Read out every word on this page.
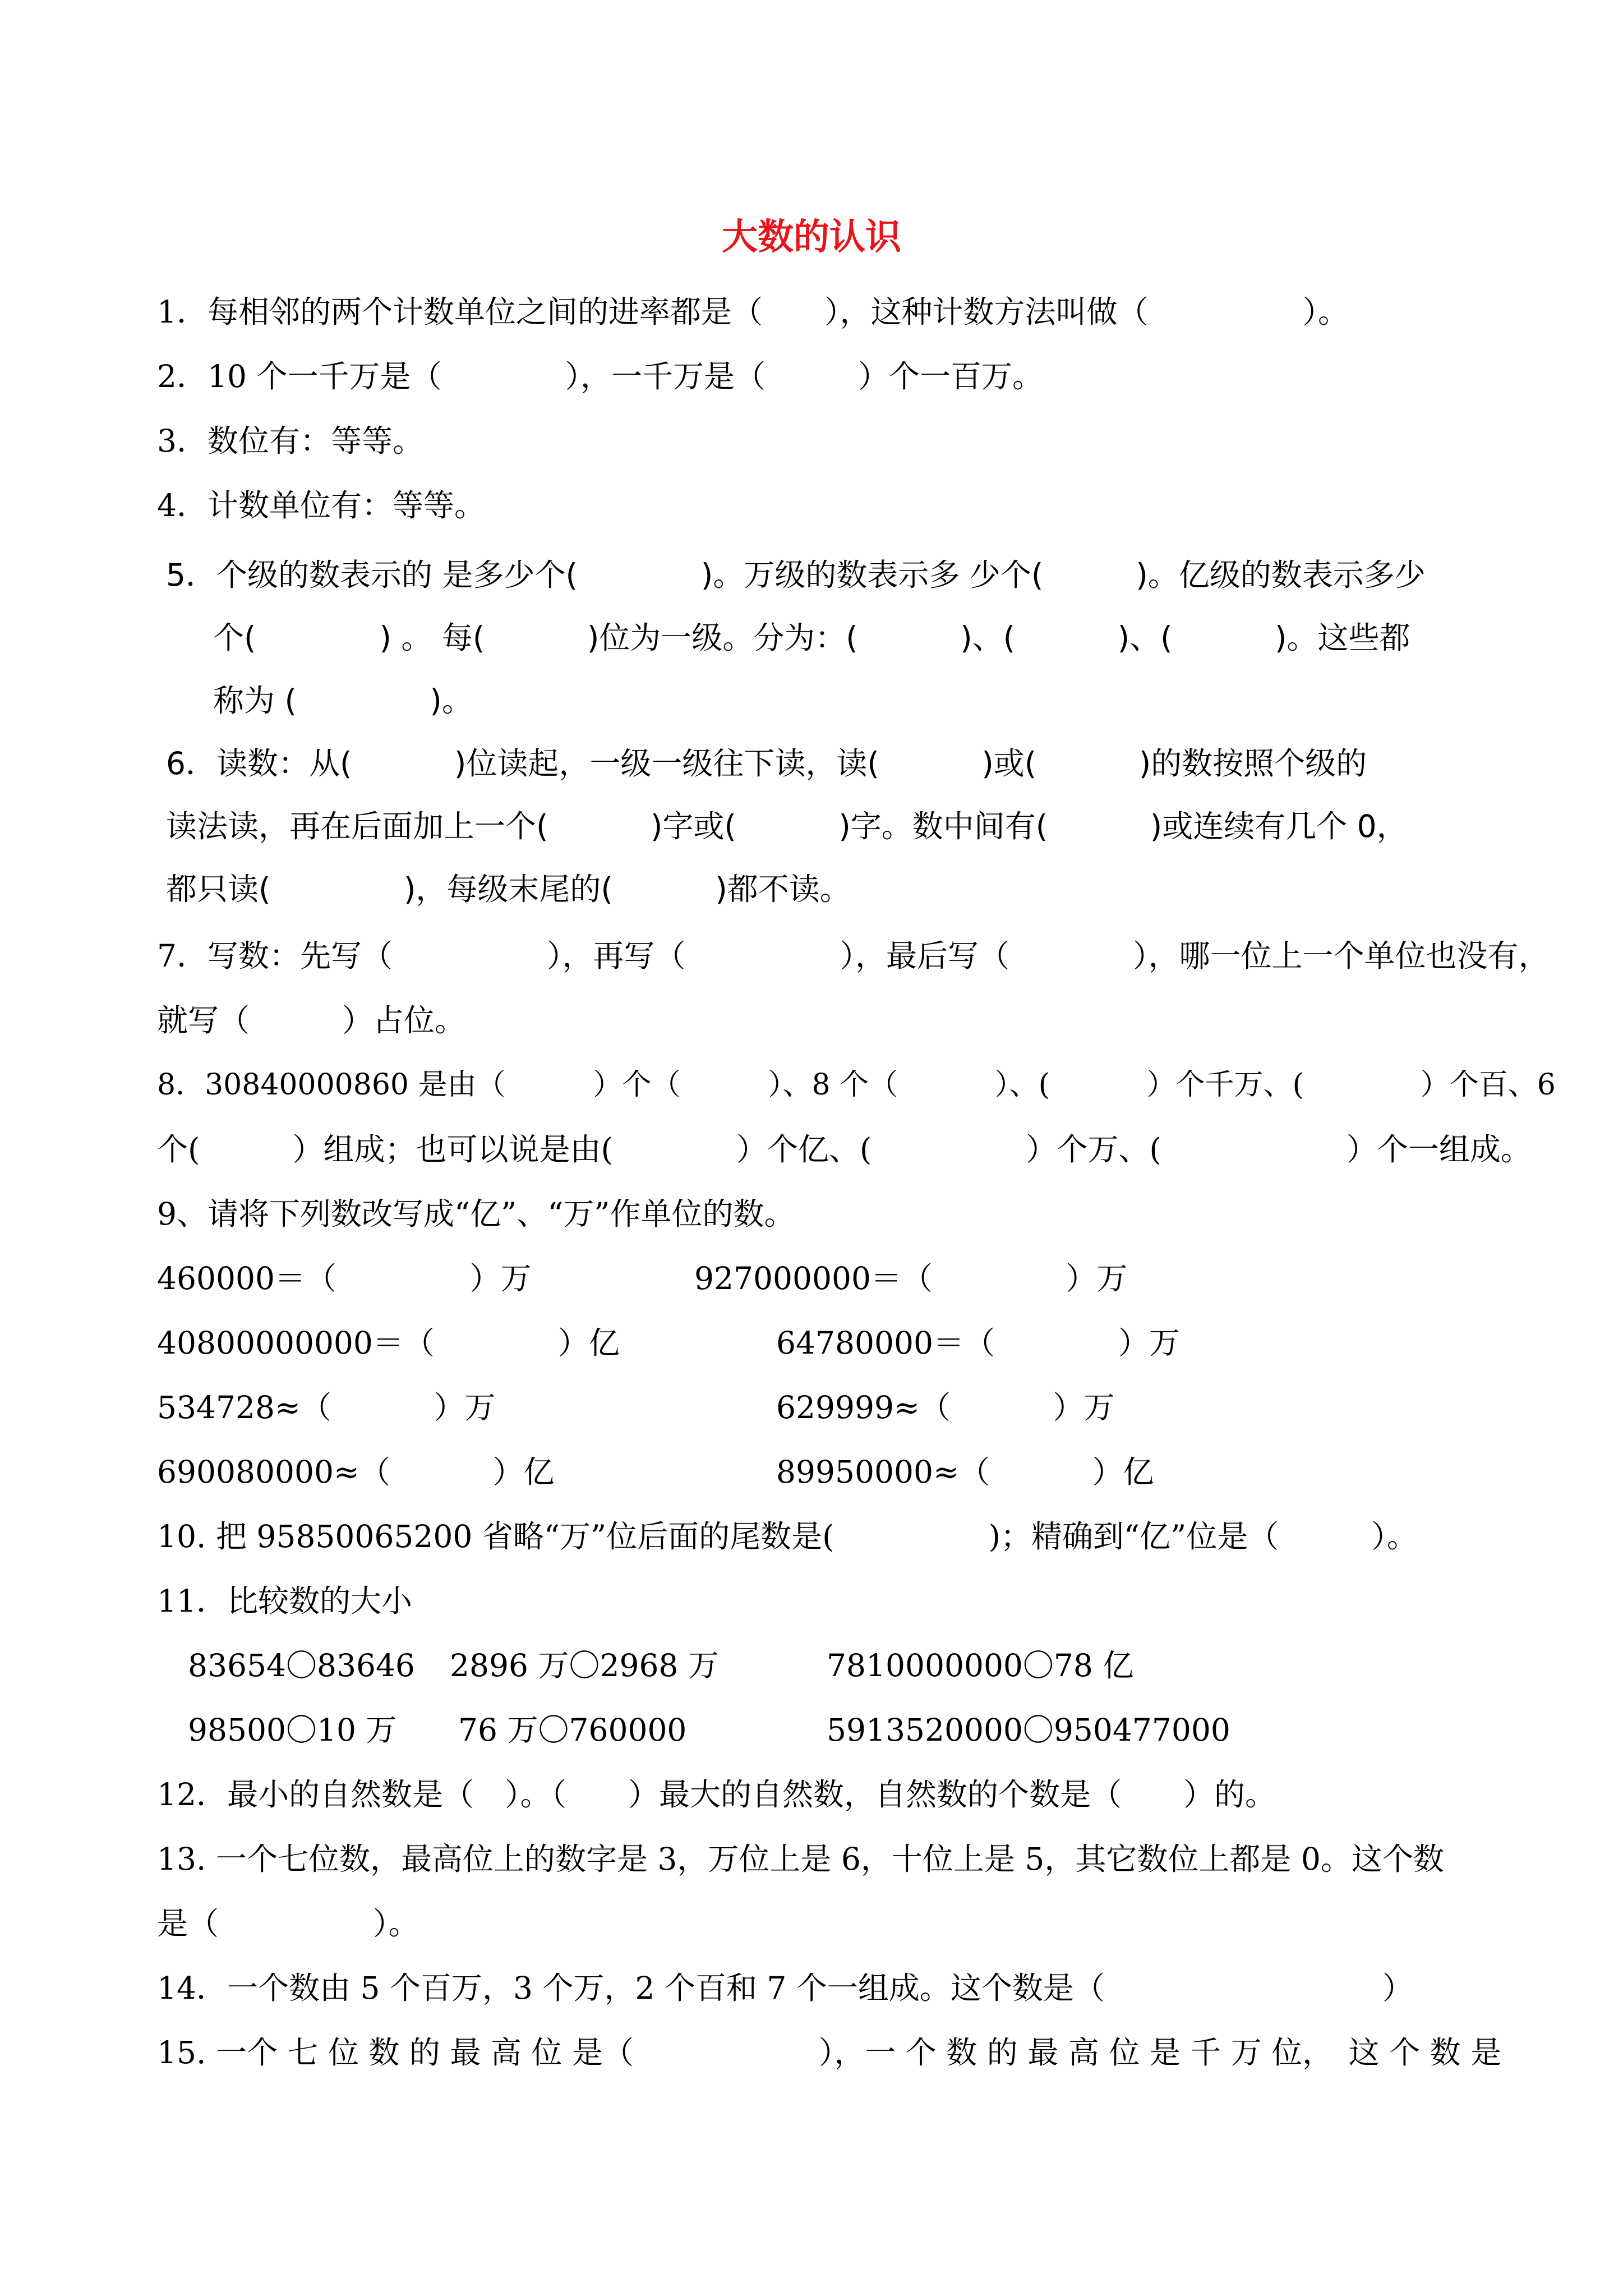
大数的认识

1．每相邻的两个计数单位之间的进率都是（　　），这种计数方法叫做（　　　　　）。

2．10 个一千万是（　　　　），一千万是（　　　）个一百万。

3．数位有：等等。

4．计数单位有：等等。

5．个级的数表示的 是多少个(　　　　)。万级的数表示多 少个(　　　)。亿级的数表示多少

个(　　　　) 。 每(　　　 )位为一级。分为：(　　　 )、(　　　 )、(　　　 )。这些都

称为 (　　　　 )。

6．读数：从(　　　 )位读起，一级一级往下读，读(　　　 )或(　　　 )的数按照个级的

读法读，再在后面加上一个(　　　 )字或(　　　 )字。数中间有(　　　 )或连续有几个 0，

都只读(　　　　 )，每级末尾的(　　　 )都不读。

7．写数：先写（　　　　　），再写（　　　　　），最后写（　　　　），哪一位上一个单位也没有，

就写（　　　）占位。

8．30840000860 是由（　　　）个（　　　）、8 个（　　　 ）、(　　　 ）个千万、(　　　　）个百、6

个(　　　）组成；也可以说是由(　　　　）个亿、(　　　　　）个万、(　　　　　　）个一组成。

9、请将下列数改写成“亿”、“万”作单位的数。

460000＝（　　　　 ）万	927000000＝（　　　　 ）万

40800000000＝（　　　　）亿	64780000＝（　　　　）万

534728≈（　　　 ）万	629999≈（　　　 ）万

690080000≈（　　　 ）亿	89950000≈（　　　 ）亿

10. 把 95850065200 省略“万”位后面的尾数是(　　　　　)；精确到“亿”位是（　　　）。

11．比较数的大小

83654〇83646 2896 万〇2968 万	7810000000〇78 亿

98500〇10 万 76 万〇760000	5913520000〇950477000

12．最小的自然数是（　）。（　　）最大的自然数，自然数的个数是（　　）的。

13. 一个七位数，最高位上的数字是 3，万位上是 6，十位上是 5，其它数位上都是 0。这个数

是（　　　　　）。

14．一个数由 5 个百万，3 个万，2 个百和 7 个一组成。这个数是（　　　　　　　　　）

15. 一个 七 位 数 的 最 高 位 是（　　　　　　），一 个 数 的 最 高 位 是 千 万 位，　这 个 数 是
